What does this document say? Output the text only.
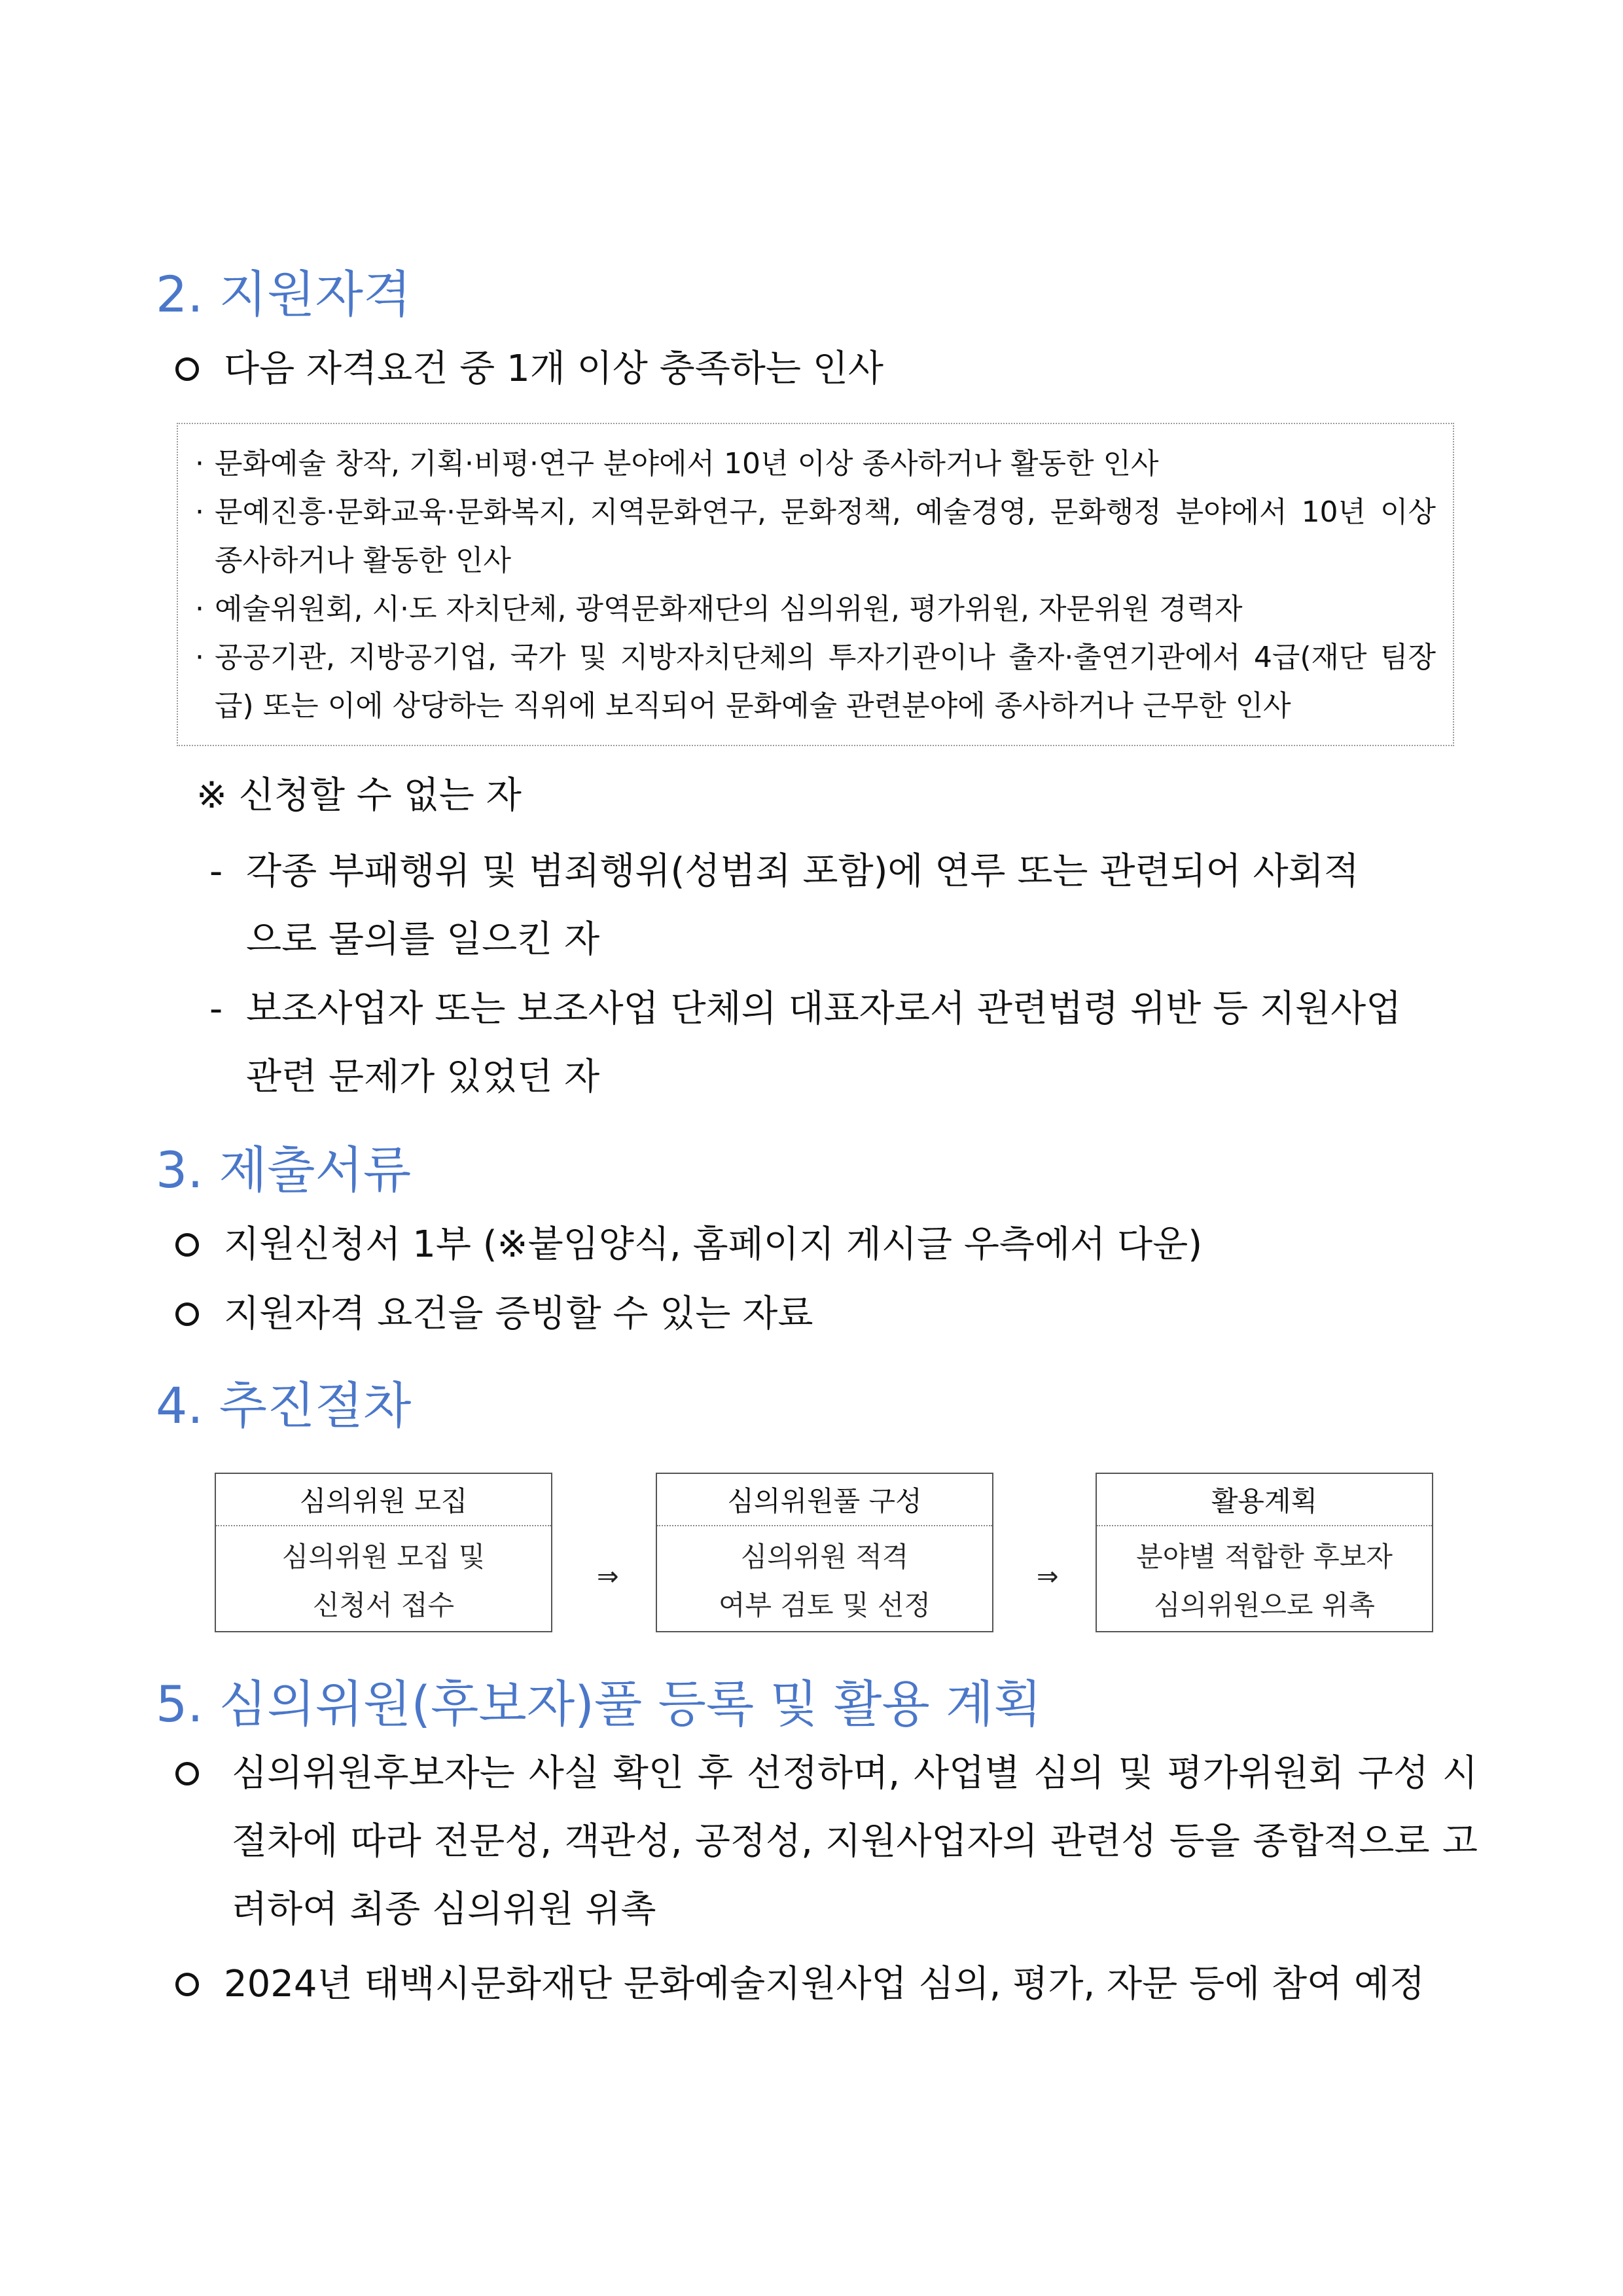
2. 지원자격
다음 자격요건 중 1개 이상 충족하는 인사
· 문화예술 창작, 기획·비평·연구 분야에서 10년 이상 종사하거나 활동한 인사
· 문예진흥·문화교육·문화복지, 지역문화연구, 문화정책, 예술경영, 문화행정 분야에서 10년 이상 종사하거나 활동한 인사
· 예술위원회, 시·도 자치단체, 광역문화재단의 심의위원, 평가위원, 자문위원 경력자
· 공공기관, 지방공기업, 국가 및 지방자치단체의 투자기관이나 출자·출연기관에서 4급(재단 팀장급) 또는 이에 상당하는 직위에 보직되어 문화예술 관련분야에 종사하거나 근무한 인사
※ 신청할 수 없는 자
- 각종 부패행위 및 범죄행위(성범죄 포함)에 연루 또는 관련되어 사회적
으로 물의를 일으킨 자
- 보조사업자 또는 보조사업 단체의 대표자로서 관련법령 위반 등 지원사업
관련 문제가 있었던 자
3. 제출서류
지원신청서 1부 (※붙임양식, 홈페이지 게시글 우측에서 다운)
지원자격 요건을 증빙할 수 있는 자료
4. 추진절차
심의위원 모집
심의위원 모집 및
신청서 접수
⇒
심의위원풀 구성
심의위원 적격
여부 검토 및 선정
⇒
활용계획
분야별 적합한 후보자
심의위원으로 위촉
5. 심의위원(후보자)풀 등록 및 활용 계획
심의위원후보자는 사실 확인 후 선정하며, 사업별 심의 및 평가위원회 구성 시 절차에 따라 전문성, 객관성, 공정성, 지원사업자의 관련성 등을 종합적으로 고려하여 최종 심의위원 위촉
2024년 태백시문화재단 문화예술지원사업 심의, 평가, 자문 등에 참여 예정
